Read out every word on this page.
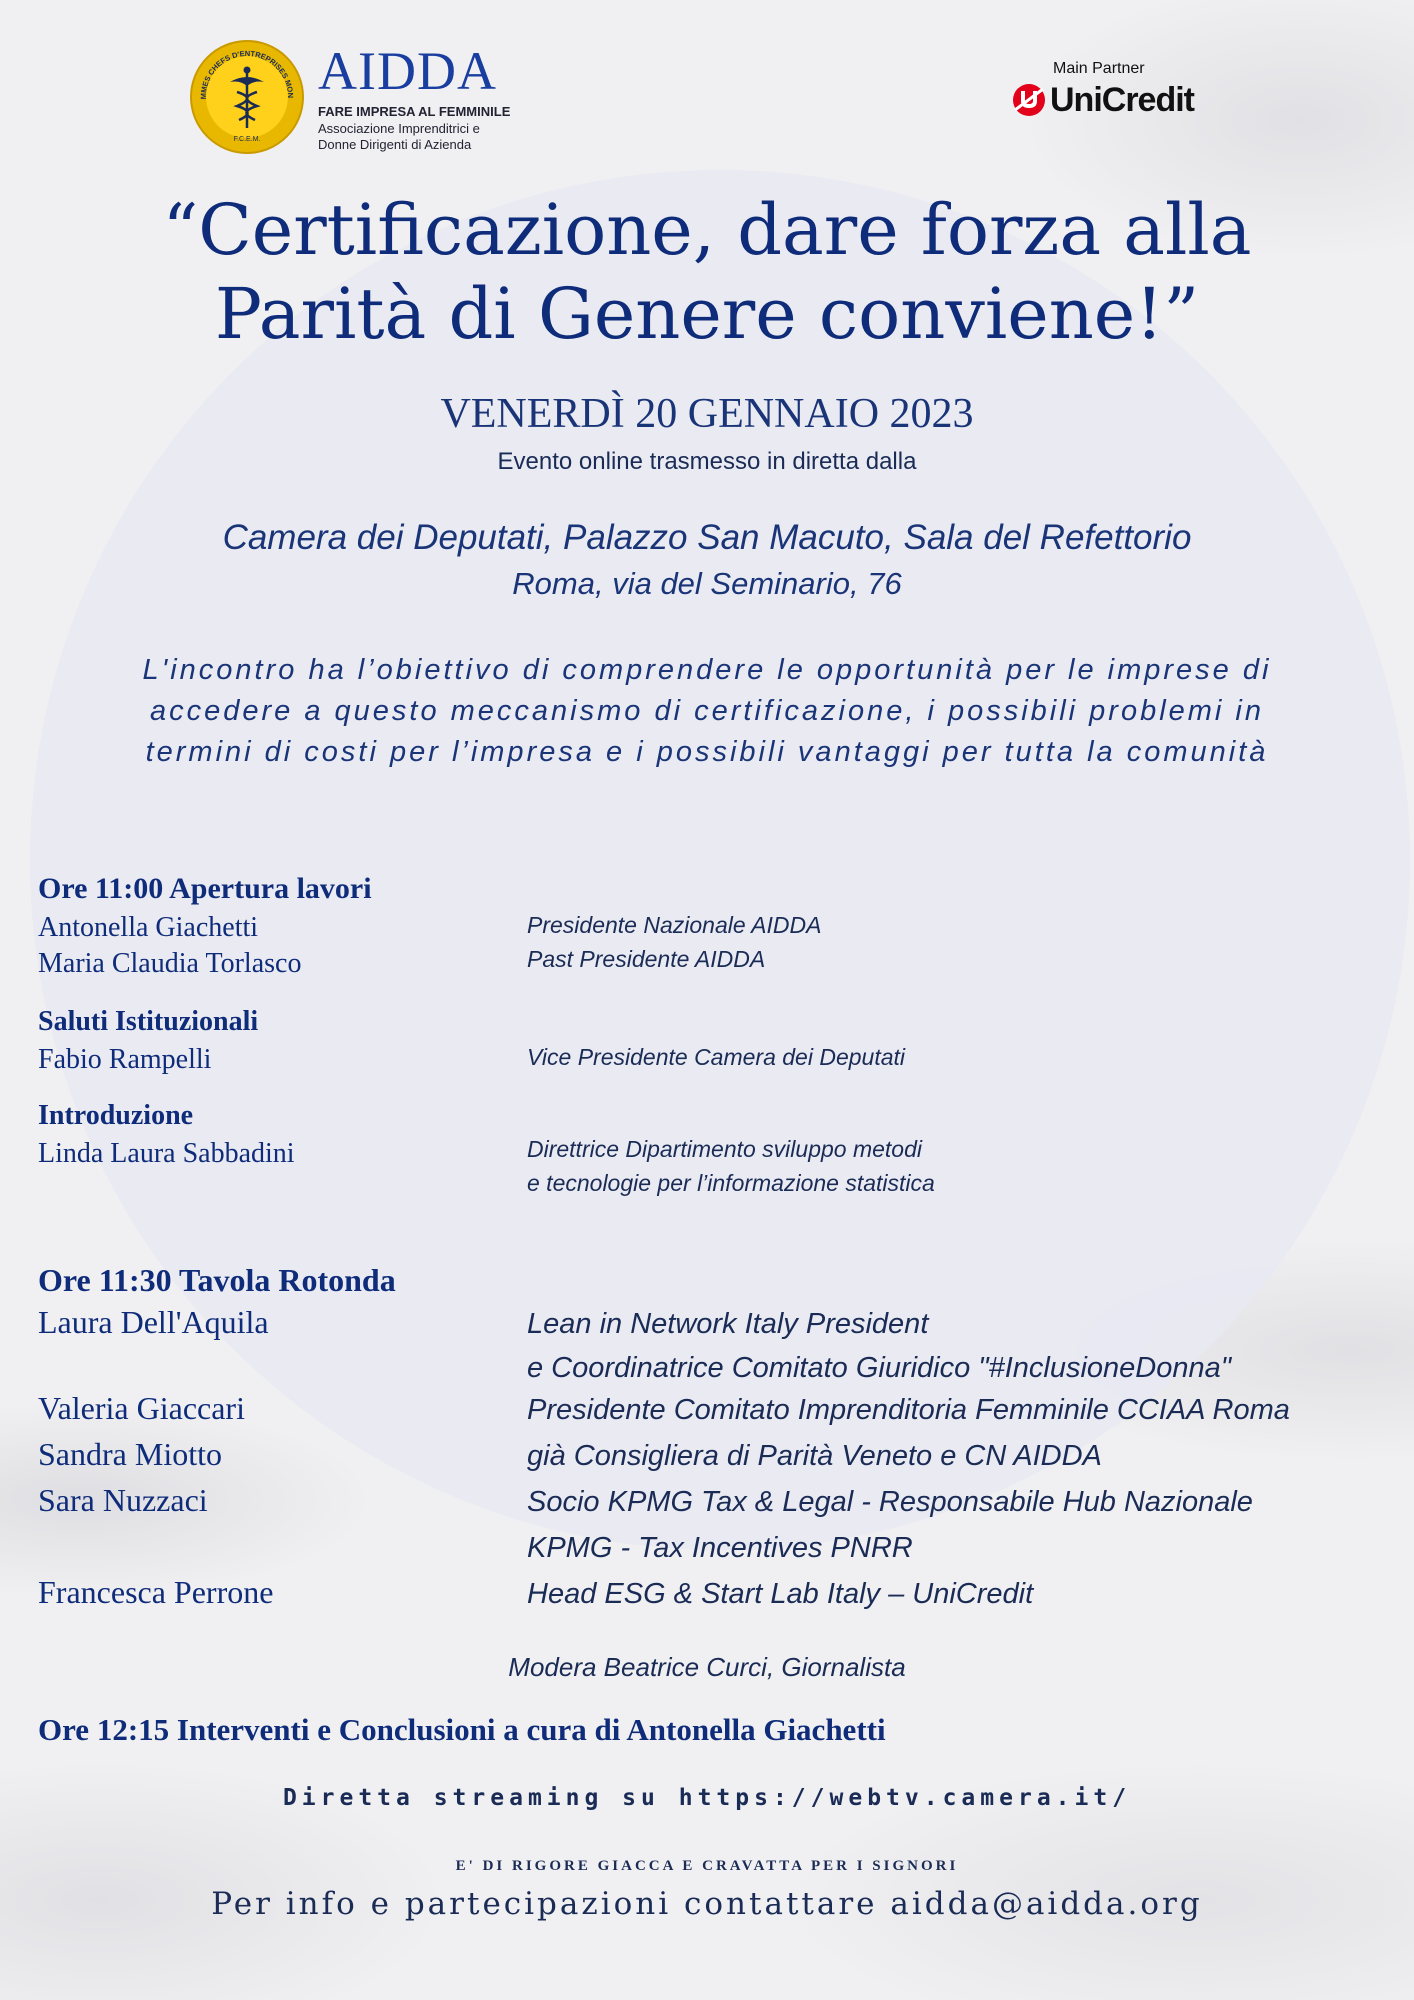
MMES CHEFS D'ENTREPRISES MON
F.C.E.M.
AIDDA
FARE IMPRESA AL FEMMINILE
Associazione Imprenditrici e
Donne Dirigenti di Azienda
Main Partner
UniCredit
“Certificazione, dare forza alla
Parità di Genere conviene!”
VENERDÌ 20 GENNAIO 2023
Evento online trasmesso in diretta dalla
Camera dei Deputati, Palazzo San Macuto, Sala del Refettorio
Roma, via del Seminario, 76
L'incontro ha l’obiettivo di comprendere le opportunità per le imprese di
accedere a questo meccanismo di certificazione, i possibili problemi in
termini di costi per l’impresa e i possibili vantaggi per tutta la comunità
Ore 11:00 Apertura lavori
Antonella Giachetti	Presidente Nazionale AIDDA
Maria Claudia Torlasco	Past Presidente AIDDA
Saluti Istituzionali
Fabio Rampelli	Vice Presidente Camera dei Deputati
Introduzione
Linda Laura Sabbadini	Direttrice Dipartimento sviluppo metodi
e tecnologie per l’informazione statistica
Ore 11:30 Tavola Rotonda
Laura Dell'Aquila	Lean in Network Italy President
e Coordinatrice Comitato Giuridico "#InclusioneDonna"
Valeria Giaccari	Presidente Comitato Imprenditoria Femminile CCIAA Roma
Sandra Miotto	già Consigliera di Parità Veneto e CN AIDDA
Sara Nuzzaci	Socio KPMG Tax & Legal - Responsabile Hub Nazionale
KPMG - Tax Incentives PNRR
Francesca Perrone	Head ESG & Start Lab Italy – UniCredit
Modera Beatrice Curci, Giornalista
Ore 12:15 Interventi e Conclusioni a cura di Antonella Giachetti
Diretta streaming su https://webtv.camera.it/
E' DI RIGORE GIACCA E CRAVATTA PER I SIGNORI
Per info e partecipazioni contattare aidda@aidda.org
